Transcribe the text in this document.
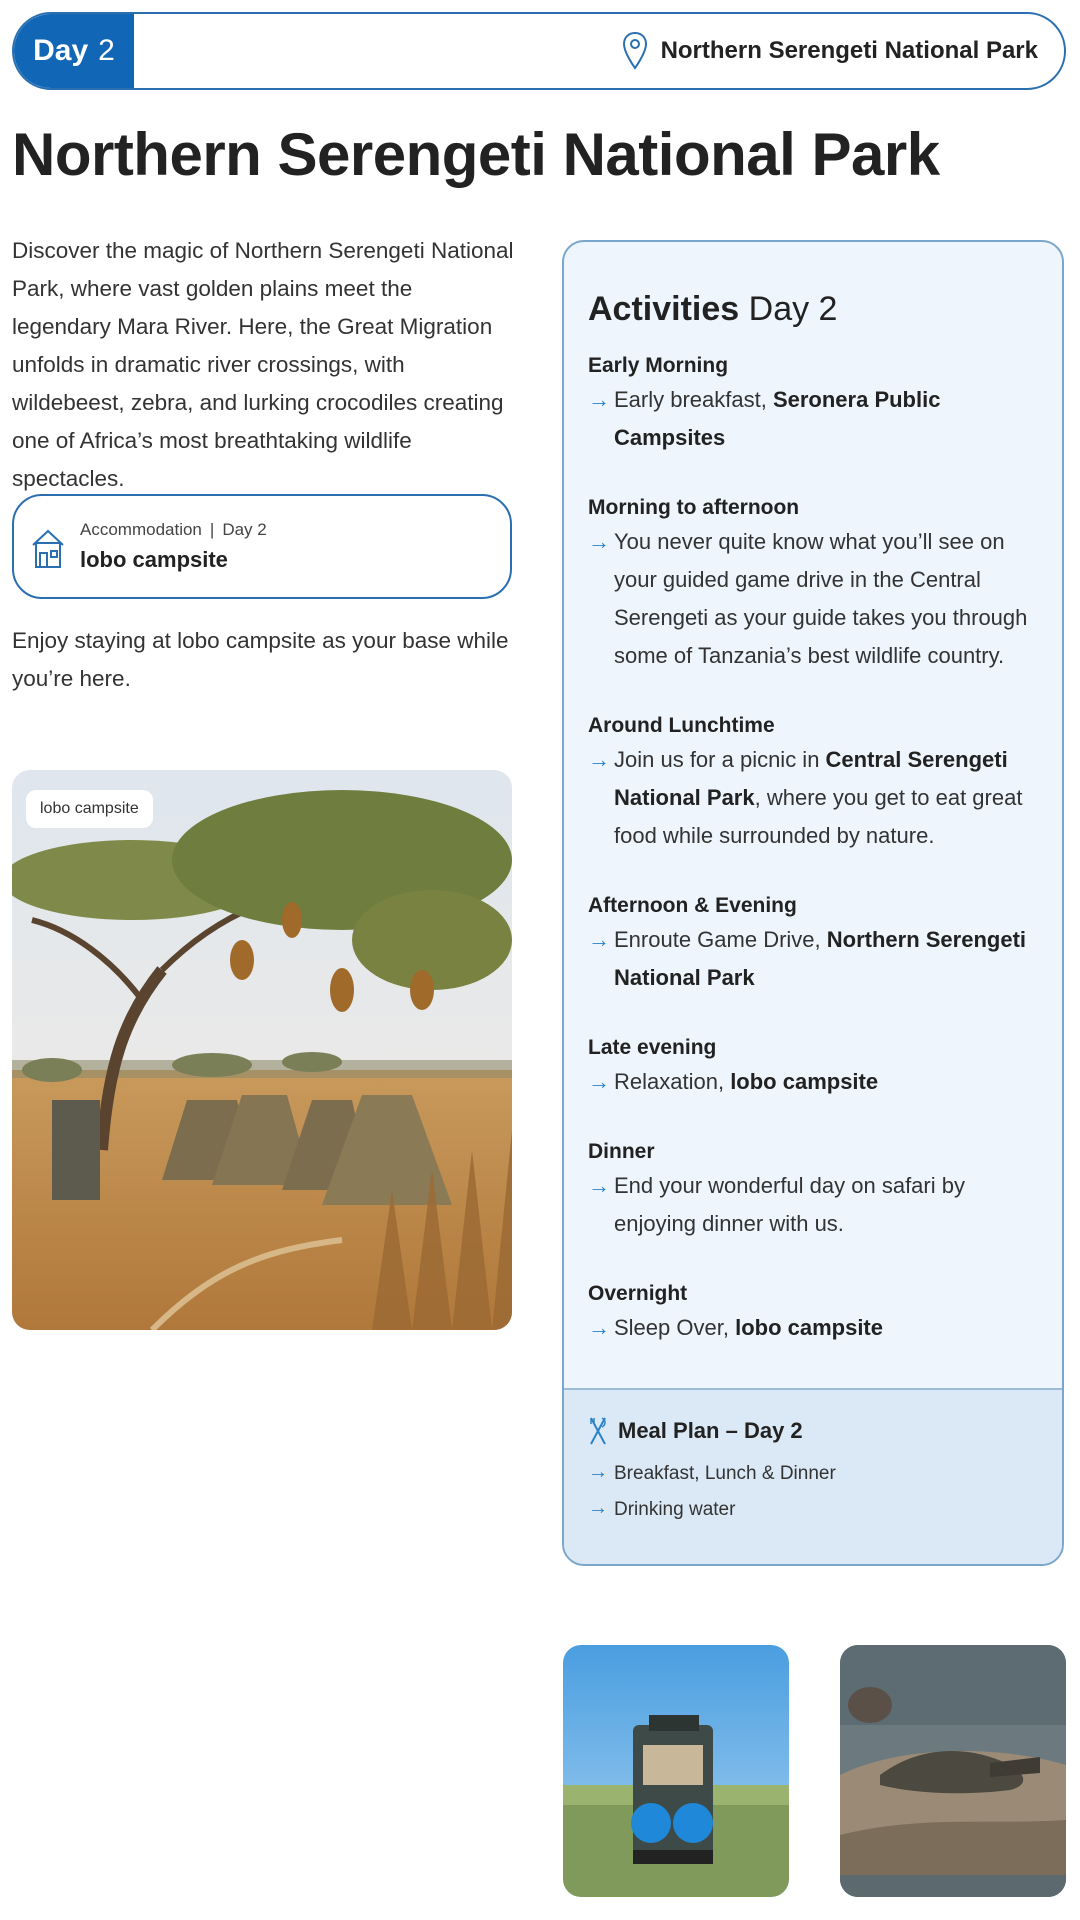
Day 2	Northern Serengeti National Park
Northern Serengeti National Park

Discover the magic of Northern Serengeti National Park, where vast golden plains meet the legendary Mara River. Here, the Great Migration unfolds in dramatic river crossings, with wildebeest, zebra, and lurking crocodiles creating one of Africa’s most breathtaking wildlife spectacles.

Accommodation | Day 2
lobo campsite

Enjoy staying at lobo campsite as your base while you’re here.

lobo campsite
Activities Day 2
Early Morning
→ Early breakfast, Seronera Public Campsites
Morning to afternoon
→ You never quite know what you’ll see on your guided game drive in the Central Serengeti as your guide takes you through some of Tanzania’s best wildlife country.
Around Lunchtime
→ Join us for a picnic in Central Serengeti National Park, where you get to eat great food while surrounded by nature.
Afternoon & Evening
→ Enroute Game Drive, Northern Serengeti National Park
Late evening
→ Relaxation, lobo campsite
Dinner
→ End your wonderful day on safari by enjoying dinner with us.
Overnight
→ Sleep Over, lobo campsite
Meal Plan – Day 2
→ Breakfast, Lunch & Dinner
→ Drinking water
